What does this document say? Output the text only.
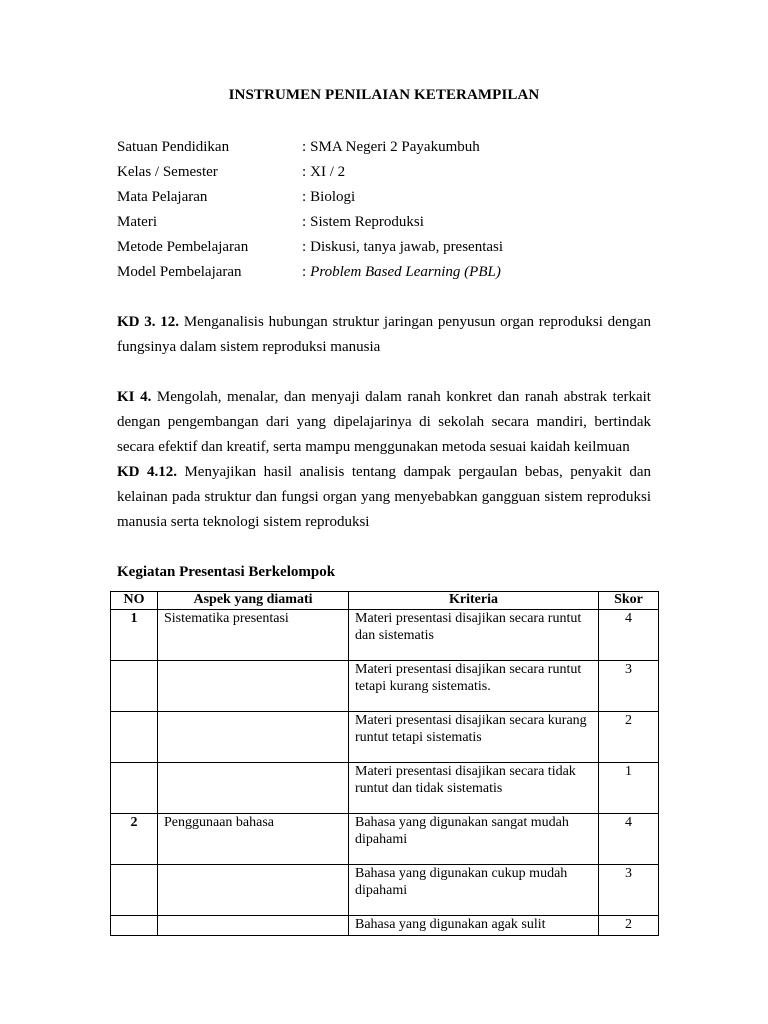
INSTRUMEN PENILAIAN KETERAMPILAN
Satuan Pendidikan	: SMA Negeri 2 Payakumbuh
Kelas / Semester	: XI / 2
Mata Pelajaran	: Biologi
Materi	: Sistem Reproduksi
Metode Pembelajaran	: Diskusi, tanya jawab, presentasi
Model Pembelajaran	: Problem Based Learning (PBL)
KD 3. 12. Menganalisis hubungan struktur jaringan penyusun organ reproduksi dengan fungsinya dalam sistem reproduksi manusia
KI 4. Mengolah, menalar, dan menyaji dalam ranah konkret dan ranah abstrak terkait dengan pengembangan dari yang dipelajarinya di sekolah secara mandiri, bertindak secara efektif dan kreatif, serta mampu menggunakan metoda sesuai kaidah keilmuan
KD 4.12. Menyajikan hasil analisis tentang dampak pergaulan bebas, penyakit dan kelainan pada struktur dan fungsi organ yang menyebabkan gangguan sistem reproduksi manusia serta teknologi sistem reproduksi
Kegiatan Presentasi Berkelompok
NO	Aspek yang diamati	Kriteria	Skor
1	Sistematika presentasi	Materi presentasi disajikan secara runtut dan sistematis	4
		Materi presentasi disajikan secara runtut tetapi kurang sistematis.	3
		Materi presentasi disajikan secara kurang runtut tetapi sistematis	2
		Materi presentasi disajikan secara tidak runtut dan tidak sistematis	1
2	Penggunaan bahasa	Bahasa yang digunakan sangat mudah dipahami	4
		Bahasa yang digunakan cukup mudah dipahami	3
		Bahasa yang digunakan agak sulit	2
